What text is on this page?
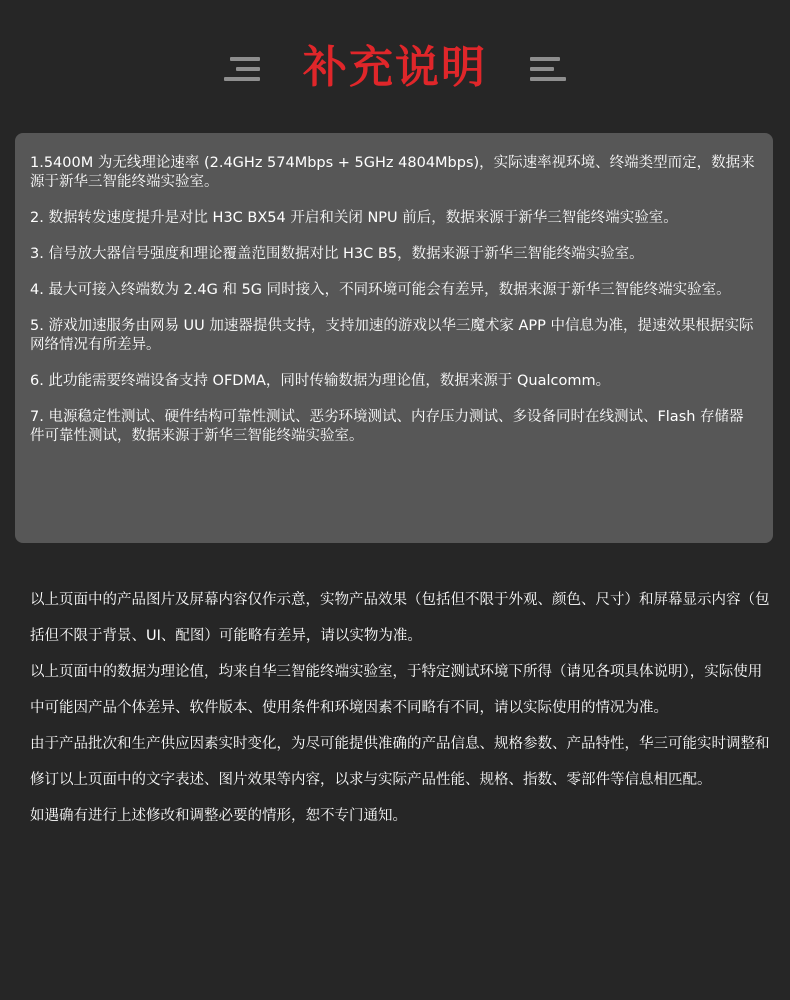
补充说明

1.5400M 为无线理论速率 (2.4GHz 574Mbps + 5GHz 4804Mbps)，实际速率视环境、终端类型而定，数据来源于新华三智能终端实验室。

2. 数据转发速度提升是对比 H3C BX54 开启和关闭 NPU 前后，数据来源于新华三智能终端实验室。

3. 信号放大器信号强度和理论覆盖范围数据对比 H3C B5，数据来源于新华三智能终端实验室。

4. 最大可接入终端数为 2.4G 和 5G 同时接入，不同环境可能会有差异，数据来源于新华三智能终端实验室。

5. 游戏加速服务由网易 UU 加速器提供支持，支持加速的游戏以华三魔术家 APP 中信息为准，提速效果根据实际网络情况有所差异。

6. 此功能需要终端设备支持 OFDMA，同时传输数据为理论值，数据来源于 Qualcomm。

7. 电源稳定性测试、硬件结构可靠性测试、恶劣环境测试、内存压力测试、多设备同时在线测试、Flash 存储器件可靠性测试，数据来源于新华三智能终端实验室。

以上页面中的产品图片及屏幕内容仅作示意，实物产品效果（包括但不限于外观、颜色、尺寸）和屏幕显示内容（包括但不限于背景、UI、配图）可能略有差异，请以实物为准。

以上页面中的数据为理论值，均来自华三智能终端实验室，于特定测试环境下所得（请见各项具体说明），实际使用中可能因产品个体差异、软件版本、使用条件和环境因素不同略有不同，请以实际使用的情况为准。

由于产品批次和生产供应因素实时变化，为尽可能提供准确的产品信息、规格参数、产品特性，华三可能实时调整和修订以上页面中的文字表述、图片效果等内容，以求与实际产品性能、规格、指数、零部件等信息相匹配。

如遇确有进行上述修改和调整必要的情形，恕不专门通知。
